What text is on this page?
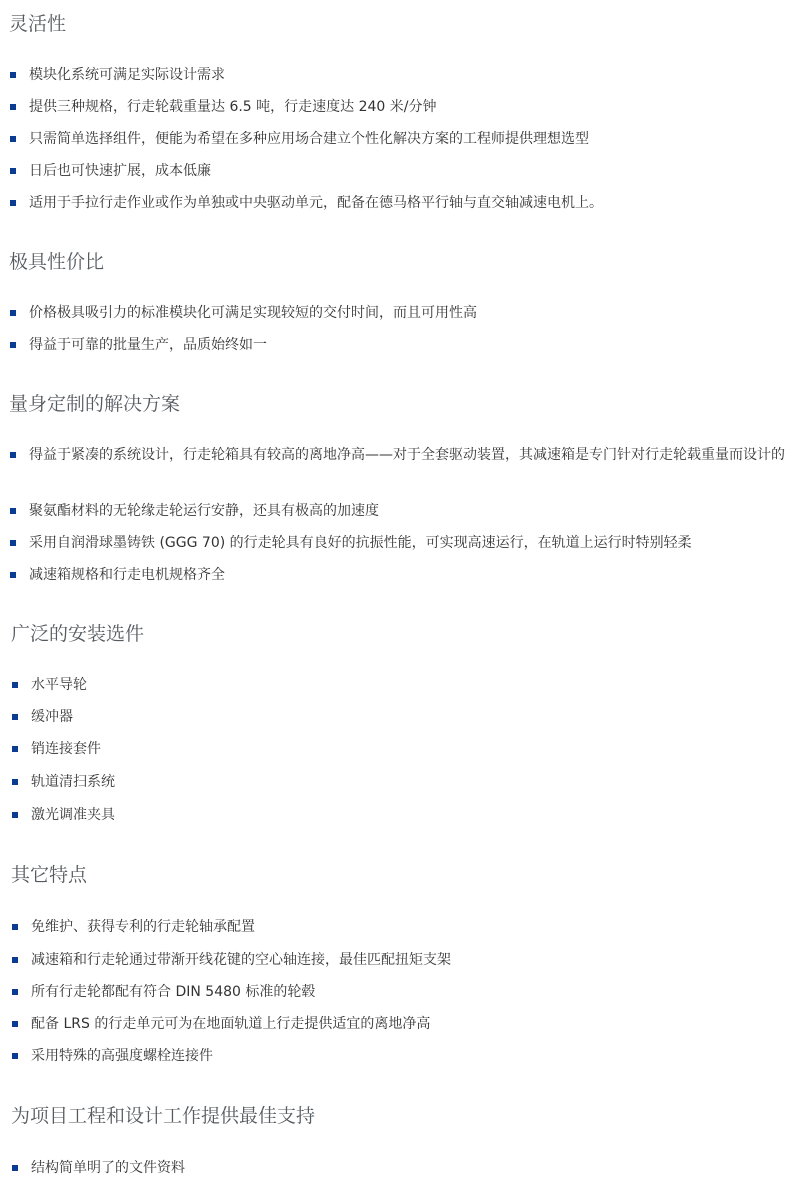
灵活性
模块化系统可满足实际设计需求
提供三种规格，行走轮载重量达 6.5 吨，行走速度达 240 米/分钟
只需简单选择组件，便能为希望在多种应用场合建立个性化解决方案的工程师提供理想选型
日后也可快速扩展，成本低廉
适用于手拉行走作业或作为单独或中央驱动单元，配备在德马格平行轴与直交轴减速电机上。
极具性价比
价格极具吸引力的标准模块化可满足实现较短的交付时间，而且可用性高
得益于可靠的批量生产，品质始终如一
量身定制的解决方案
得益于紧凑的系统设计，行走轮箱具有较高的离地净高——对于全套驱动装置，其减速箱是专门针对行走轮载重量而设计的
聚氨酯材料的无轮缘走轮运行安静，还具有极高的加速度
采用自润滑球墨铸铁 (GGG 70) 的行走轮具有良好的抗振性能，可实现高速运行，在轨道上运行时特别轻柔
减速箱规格和行走电机规格齐全
广泛的安装选件
水平导轮
缓冲器
销连接套件
轨道清扫系统
激光调准夹具
其它特点
免维护、获得专利的行走轮轴承配置
减速箱和行走轮通过带渐开线花键的空心轴连接，最佳匹配扭矩支架
所有行走轮都配有符合 DIN 5480 标准的轮毂
配备 LRS 的行走单元可为在地面轨道上行走提供适宜的离地净高
采用特殊的高强度螺栓连接件
为项目工程和设计工作提供最佳支持
结构简单明了的文件资料
